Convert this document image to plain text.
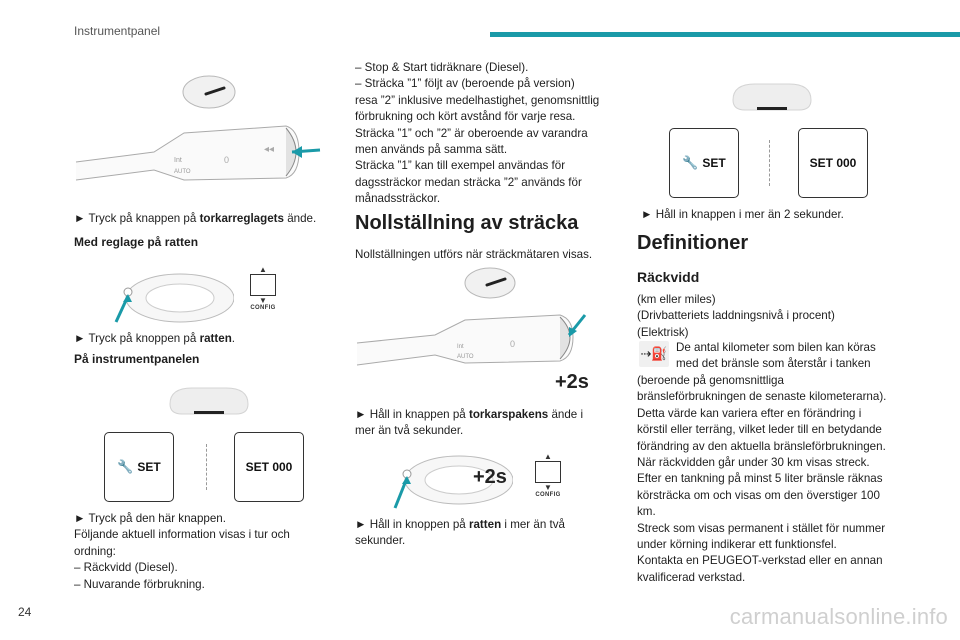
Instrumentpanel
Int
AUTO
0
◂◂
► Tryck på knappen på torkarreglagets ände.
Med reglage på ratten
▲
▼
CONFIG
► Tryck på knoppen på ratten.
På instrumentpanelen
🔧 SET	SET 000
► Tryck på den här knappen.
Följande aktuell information visas i tur och
ordning:
– Räckvidd (Diesel).
– Nuvarande förbrukning.
– Stop & Start tidräknare (Diesel).
– Sträcka ”1” följt av (beroende på version)
resa ”2” inklusive medelhastighet, genomsnittlig
förbrukning och kört avstånd för varje resa.
Sträcka ”1” och ”2” är oberoende av varandra
men används på samma sätt.
Sträcka ”1” kan till exempel användas för
dagssträckor medan sträcka ”2” används för
månadssträckor.
Nollställning av sträcka
Nollställningen utförs när sträckmätaren visas.
Int
AUTO
0
+2s
► Håll in knappen på torkarspakens ände i
mer än två sekunder.
+2s
▲
▼
CONFIG
► Håll in knoppen på ratten i mer än två
sekunder.
🔧 SET	SET 000
► Håll in knappen i mer än 2 sekunder.
Definitioner
Räckvidd
(km eller miles)
(Drivbatteriets laddningsnivå i procent)
(Elektrisk)
⇢⛽ De antal kilometer som bilen kan köras
med det bränsle som återstår i tanken
(beroende på genomsnittliga
bränsleförbrukningen de senaste kilometerarna).
Detta värde kan variera efter en förändring i
körstil eller terräng, vilket leder till en betydande
förändring av den aktuella bränsleförbrukningen.
När räckvidden går under 30 km visas streck.
Efter en tankning på minst 5 liter bränsle räknas
körsträcka om och visas om den överstiger 100
km.
Streck som visas permanent i stället för nummer
under körning indikerar ett funktionsfel.
Kontakta en PEUGEOT-verkstad eller en annan
kvalificerad verkstad.
24	carmanualsonline.info
